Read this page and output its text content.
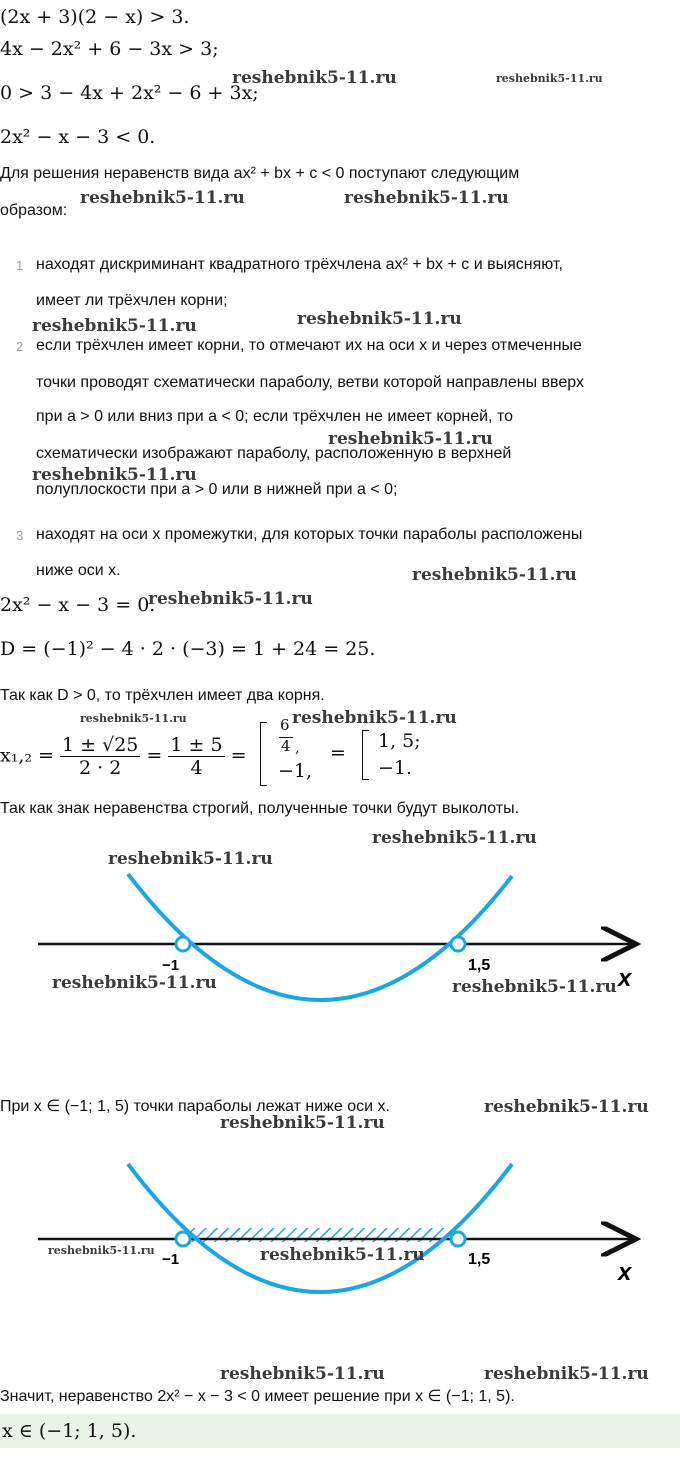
(2x + 3)(2 − x) > 3.
4x − 2x² + 6 − 3x > 3;
0 > 3 − 4x + 2x² − 6 + 3x;
2x² − x − 3 < 0.
Для решения неравенств вида ax² + bx + c < 0 поступают следующим
образом:
1 находят дискриминант квадратного трёхчлена ax² + bx + c и выясняют,
имеет ли трёхчлен корни;
2 если трёхчлен имеет корни, то отмечают их на оси x и через отмеченные
точки проводят схематически параболу, ветви которой направлены вверх
при a > 0 или вниз при a < 0; если трёхчлен не имеет корней, то
схематически изображают параболу, расположенную в верхней
полуплоскости при a > 0 или в нижней при a < 0;
3 находят на оси x промежутки, для которых точки параболы расположены
ниже оси x.
2x² − x − 3 = 0.
D = (−1)² − 4 · 2 · (−3) = 1 + 24 = 25.
Так как D > 0, то трёхчлен имеет два корня.
$x_1,_2 = \frac{1 \pm √25}{2 \cdot 2} = \frac{1 \pm 5}{4}$ =
6
4 ,
−1,
=
1, 5;
−1.
Так как знак неравенства строгий, полученные точки будут выколоты.
−1	1,5	x
При x ∈ (−1; 1, 5) точки параболы лежат ниже оси x.
−1	1,5	x
Значит, неравенство 2x² − x − 3 < 0 имеет решение при x ∈ (−1; 1, 5).
x ∈ (−1; 1, 5).
reshebnik5-11.ru	reshebnik5-11.ru
reshebnik5-11.ru	reshebnik5-11.ru
reshebnik5-11.ru	reshebnik5-11.ru
reshebnik5-11.ru
reshebnik5-11.ru
reshebnik5-11.ru
reshebnik5-11.ru
reshebnik5-11.ru	reshebnik5-11.ru
reshebnik5-11.ru
reshebnik5-11.ru
reshebnik5-11.ru	reshebnik5-11.ru
reshebnik5-11.ru
reshebnik5-11.ru
reshebnik5-11.ru	reshebnik5-11.ru
reshebnik5-11.ru	reshebnik5-11.ru
